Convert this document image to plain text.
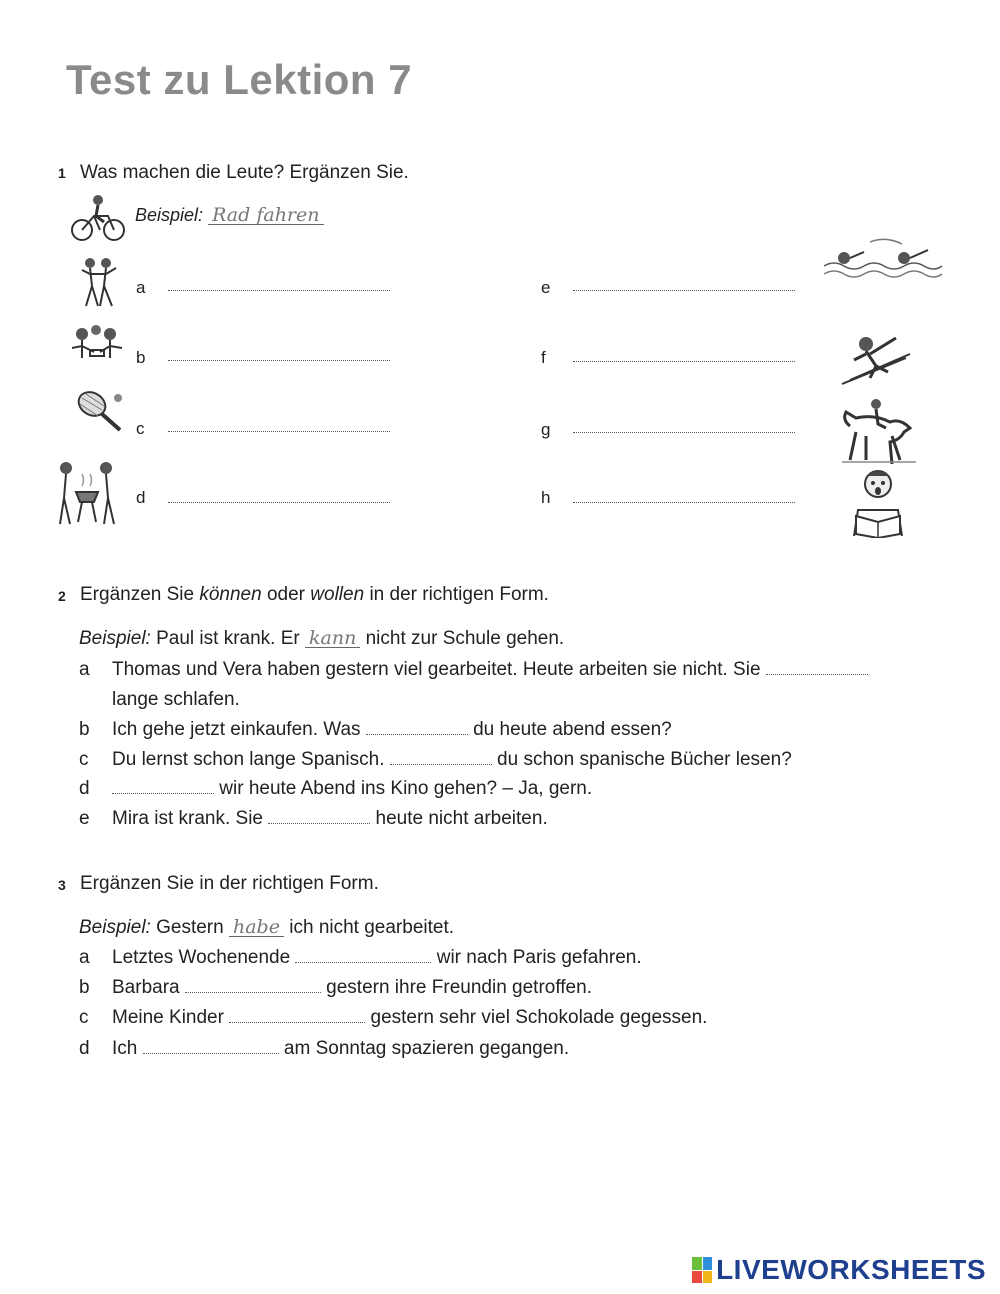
Test zu Lektion 7
1 Was machen die Leute? Ergänzen Sie.
Beispiel: Rad fahren
a
b
c
d
e
f
g
h
2 Ergänzen Sie können oder wollen in der richtigen Form.
Beispiel: Paul ist krank. Er kann nicht zur Schule gehen.
a Thomas und Vera haben gestern viel gearbeitet. Heute arbeiten sie nicht. Sie
lange schlafen.
b Ich gehe jetzt einkaufen. Was	du heute abend essen?
c Du lernst schon lange Spanisch.	du schon spanische Bücher lesen?
d	wir heute Abend ins Kino gehen? – Ja, gern.
e Mira ist krank. Sie	heute nicht arbeiten.
3 Ergänzen Sie in der richtigen Form.
Beispiel: Gestern habe ich nicht gearbeitet.
a Letztes Wochenende	wir nach Paris gefahren.
b Barbara	gestern ihre Freundin getroffen.
c Meine Kinder	gestern sehr viel Schokolade gegessen.
d Ich	am Sonntag spazieren gegangen.
LIVEWORKSHEETS
